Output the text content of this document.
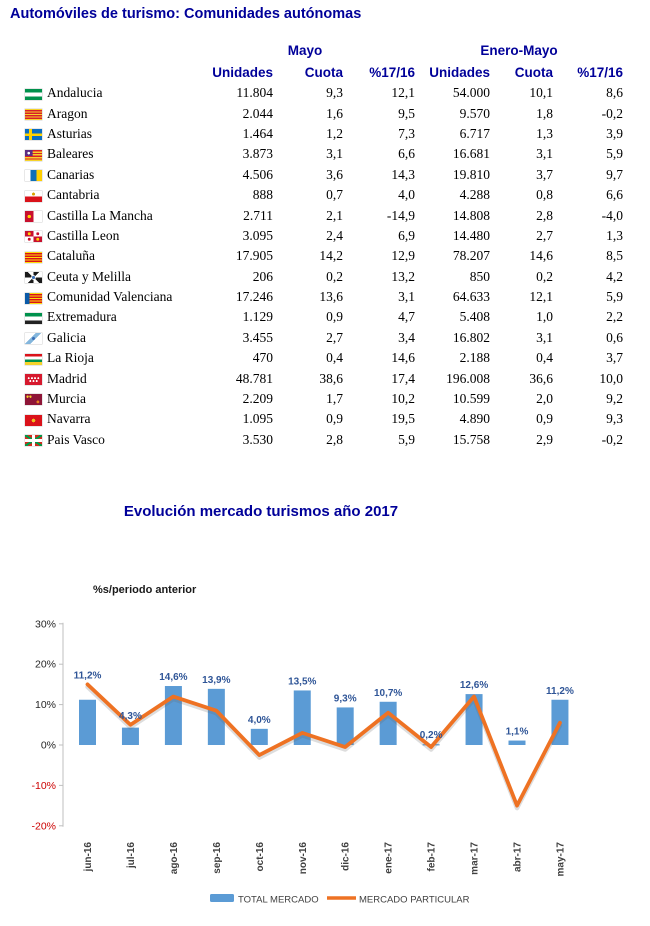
Automóviles de turismo: Comunidades autónomas
		Mayo			Enero-Mayo		
		Unidades	Cuota	%17/16	Unidades	Cuota	%17/16
	Andalucia	11.804	9,3	12,1	54.000	10,1	8,6
	Aragon	2.044	1,6	9,5	9.570	1,8	-0,2
	Asturias	1.464	1,2	7,3	6.717	1,3	3,9
	Baleares	3.873	3,1	6,6	16.681	3,1	5,9
	Canarias	4.506	3,6	14,3	19.810	3,7	9,7
	Cantabria	888	0,7	4,0	4.288	0,8	6,6
	Castilla La Mancha	2.711	2,1	-14,9	14.808	2,8	-4,0
	Castilla Leon	3.095	2,4	6,9	14.480	2,7	1,3
	Cataluña	17.905	14,2	12,9	78.207	14,6	8,5
	Ceuta y Melilla	206	0,2	13,2	850	0,2	4,2
	Comunidad Valenciana	17.246	13,6	3,1	64.633	12,1	5,9
	Extremadura	1.129	0,9	4,7	5.408	1,0	2,2
	Galicia	3.455	2,7	3,4	16.802	3,1	0,6
	La Rioja	470	0,4	14,6	2.188	0,4	3,7
	Madrid	48.781	38,6	17,4	196.008	36,6	10,0
	Murcia	2.209	1,7	10,2	10.599	2,0	9,2
	Navarra	1.095	0,9	19,5	4.890	0,9	9,3
	Pais Vasco	3.530	2,8	5,9	15.758	2,9	-0,2
Evolución mercado turismos año 2017

%s/periodo anterior

30%
20%
10%
0%
-10%
-20%
11,2%
4,3%
14,6% 13,9%
4,0%
13,5%
9,3%
10,7%
0,2%
12,6%
1,1%
11,2%
jun-16	jul-16	ago-16	sep-16	oct-16	nov-16	dic-16	ene-17	feb-17	mar-17	abr-17	may-17
TOTAL MERCADO	MERCADO PARTICULAR
